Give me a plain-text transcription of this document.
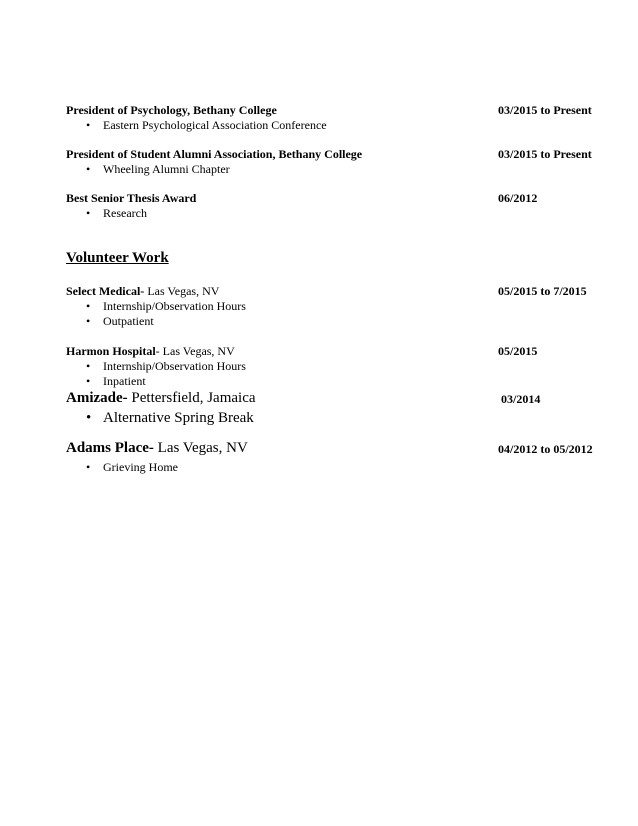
President of Psychology, Bethany College	03/2015 to Present
• Eastern Psychological Association Conference
President of Student Alumni Association, Bethany College	03/2015 to Present
• Wheeling Alumni Chapter
Best Senior Thesis Award	06/2012
• Research
Volunteer Work
Select Medical- Las Vegas, NV	05/2015 to 7/2015
• Internship/Observation Hours
• Outpatient
Harmon Hospital- Las Vegas, NV	05/2015
• Internship/Observation Hours
• Inpatient
Amizade- Pettersfield, Jamaica	03/2014
• Alternative Spring Break
Adams Place- Las Vegas, NV	04/2012 to 05/2012
• Grieving Home
